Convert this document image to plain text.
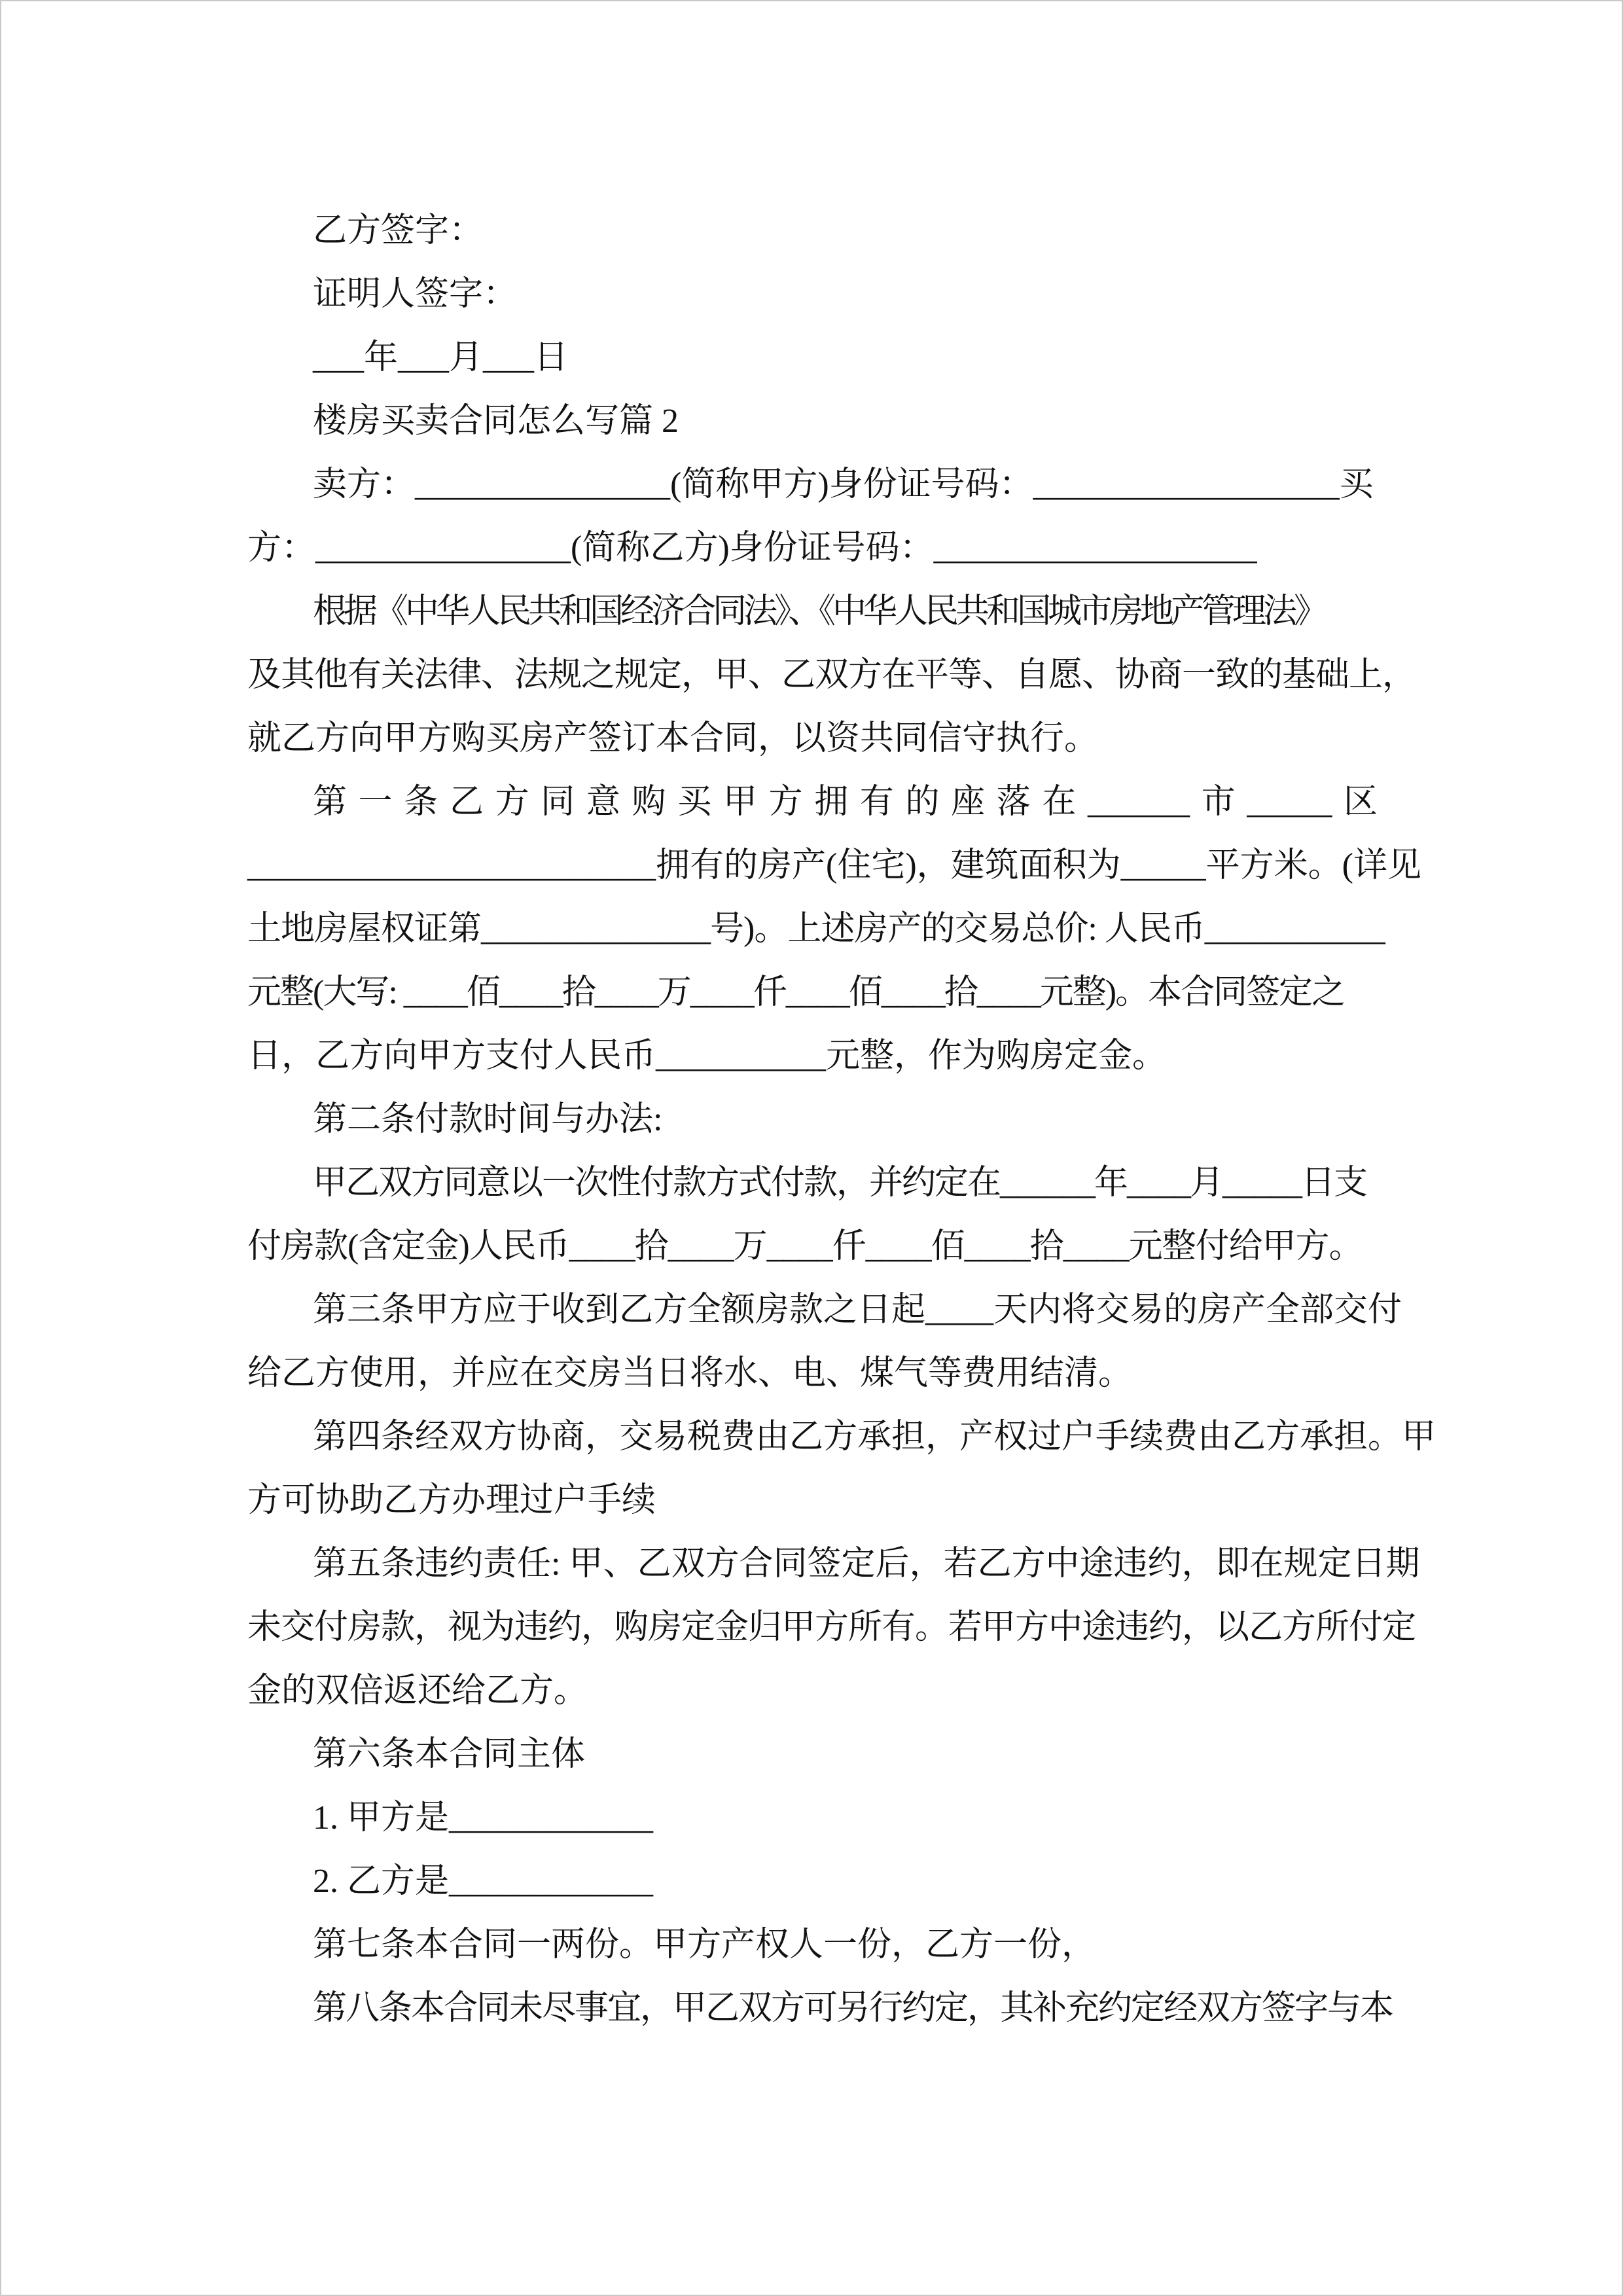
乙方签字：
证明人签字：
___年___月___日
楼房买卖合同怎么写篇 2
卖方：_______________(简称甲方)身份证号码：__________________买
方：_______________(简称乙方)身份证号码：___________________
根据《中华人民共和国经济合同法》、《中华人民共和国城市房地产管理法》
及其他有关法律、法规之规定，甲、乙双方在平等、自愿、协商一致的基础上，
就乙方向甲方购买房产签订本合同，以资共同信守执行。
第一条乙方同意购买甲方拥有的座落在______市_____区
________________________拥有的房产(住宅)，建筑面积为_____平方米。(详见
土地房屋权证第______________号)。上述房产的交易总价: 人民币___________
元整(大写: ____佰____拾____万____仟____佰____拾____元整)。本合同签定之
日，乙方向甲方支付人民币__________元整，作为购房定金。
第二条付款时间与办法:
甲乙双方同意以一次性付款方式付款，并约定在______年____月_____日支
付房款(含定金)人民币____拾____万____仟____佰____拾____元整付给甲方。
第三条甲方应于收到乙方全额房款之日起____天内将交易的房产全部交付
给乙方使用，并应在交房当日将水、电、煤气等费用结清。
第四条经双方协商，交易税费由乙方承担，产权过户手续费由乙方承担。甲
方可协助乙方办理过户手续
第五条违约责任: 甲、乙双方合同签定后，若乙方中途违约，即在规定日期
未交付房款，视为违约，购房定金归甲方所有。若甲方中途违约，以乙方所付定
金的双倍返还给乙方。
第六条本合同主体
1. 甲方是____________
2. 乙方是____________
第七条本合同一两份。甲方产权人一份，乙方一份，
第八条本合同未尽事宜，甲乙双方可另行约定，其补充约定经双方签字与本
